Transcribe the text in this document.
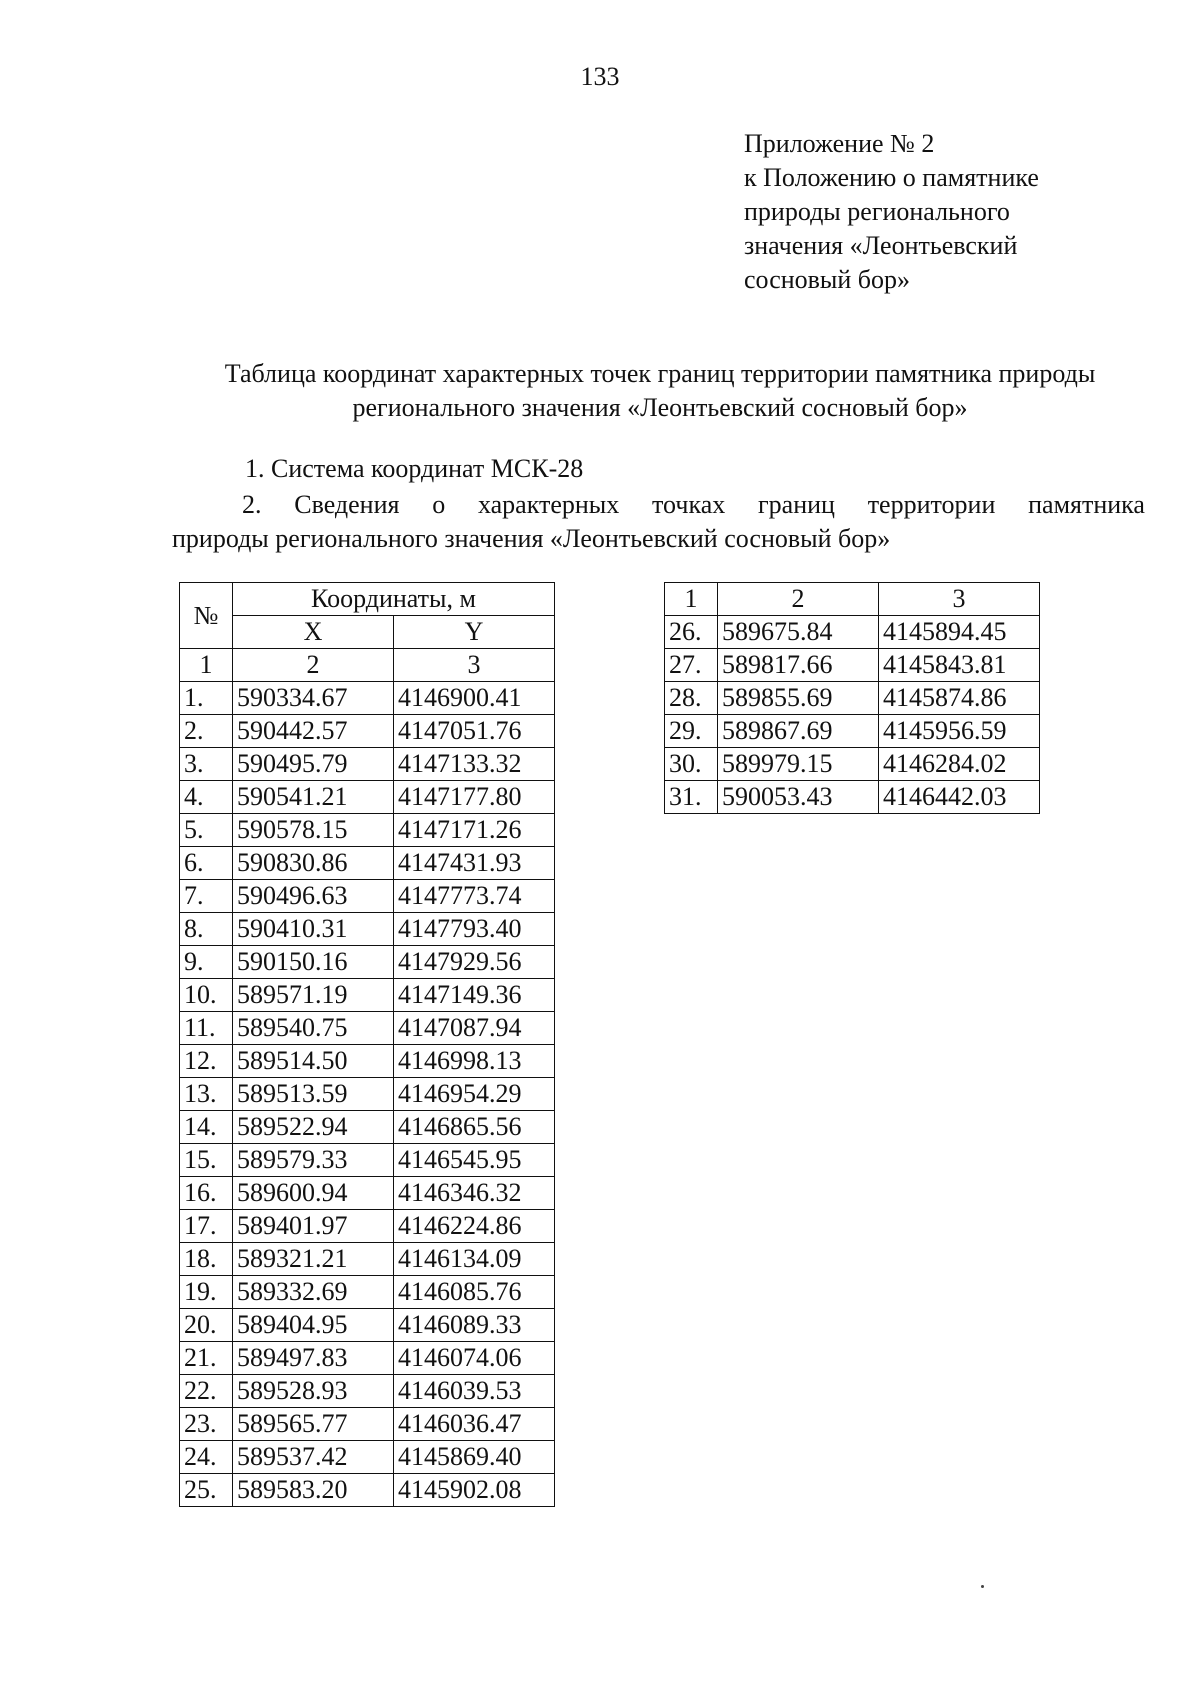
133
Приложение № 2
к Положению о памятнике
природы регионального
значения «Леонтьевский
сосновый бор»
Таблица координат характерных точек границ территории памятника природы
регионального значения «Леонтьевский сосновый бор»
1. Система координат МСК-28
2. Сведения о характерных точках границ территории памятника
природы регионального значения «Леонтьевский сосновый бор»
№	Координаты, м	
	X	Y
1	2	3
1.	590334.67	4146900.41
2.	590442.57	4147051.76
3.	590495.79	4147133.32
4.	590541.21	4147177.80
5.	590578.15	4147171.26
6.	590830.86	4147431.93
7.	590496.63	4147773.74
8.	590410.31	4147793.40
9.	590150.16	4147929.56
10.	589571.19	4147149.36
11.	589540.75	4147087.94
12.	589514.50	4146998.13
13.	589513.59	4146954.29
14.	589522.94	4146865.56
15.	589579.33	4146545.95
16.	589600.94	4146346.32
17.	589401.97	4146224.86
18.	589321.21	4146134.09
19.	589332.69	4146085.76
20.	589404.95	4146089.33
21.	589497.83	4146074.06
22.	589528.93	4146039.53
23.	589565.77	4146036.47
24.	589537.42	4145869.40
25.	589583.20	4145902.08
1	2	3
26.	589675.84	4145894.45
27.	589817.66	4145843.81
28.	589855.69	4145874.86
29.	589867.69	4145956.59
30.	589979.15	4146284.02
31.	590053.43	4146442.03
